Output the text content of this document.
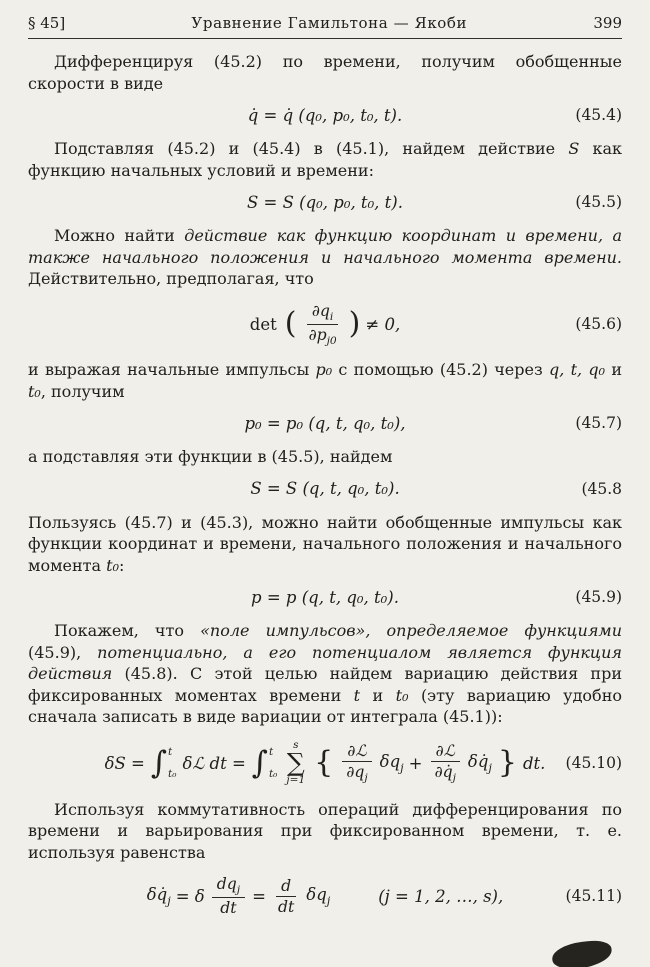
§ 45]	Уравнение Гамильтона — Якоби	399

Дифференцируя (45.2) по времени, получим обобщенные скорости в виде

q̇ = q̇ (q₀, p₀, t₀, t).	(45.4)

Подставляя (45.2) и (45.4) в (45.1), найдем действие S как функцию начальных условий и времени:

S = S (q₀, p₀, t₀, t).	(45.5)

Можно найти действие как функцию координат и времени, а также начального положения и начального момента времени. Действительно, предполагая, что

det ( $\frac{\partial q_i}{\partial p_{j0}}$ ) ≠ 0,	(45.6)

и выражая начальные импульсы p₀ с помощью (45.2) через q, t, q₀ и t₀, получим

p₀ = p₀ (q, t, q₀, t₀),	(45.7)

а подставляя эти функции в (45.5), найдем

S = S (q, t, q₀, t₀).	(45.8

Пользуясь (45.7) и (45.3), можно найти обобщенные импульсы как функции координат и времени, начального положения и начального момента t₀:

p = p (q, t, q₀, t₀).	(45.9)

Покажем, что «поле импульсов», определяемое функциями (45.9), потенциально, а его потенциалом является функция действия (45.8). С этой целью найдем вариацию действия при фиксированных моментах времени t и t₀ (эту вариацию удобно сначала записать в виде вариации от интеграла (45.1)):

δS = ∫ t
t₀
δℒ dt = ∫ t
t₀
s
∑
j=1 { $\frac{\text{∂ℒ}}{\partial q_j} \delta q_j + \frac{\text{∂ℒ}}{\partial q̇_j}$ $\delta q̇_j$ } dt. (45.10)

Используя коммутативность операций дифференцирования по времени и варьирования при фиксированном времени, т. е. используя равенства

$\delta q̇_j = \delta \frac{dq_j}{dt} = \frac{d}{dt} \delta q_j$	(j = 1, 2, …, s),	(45.11)
